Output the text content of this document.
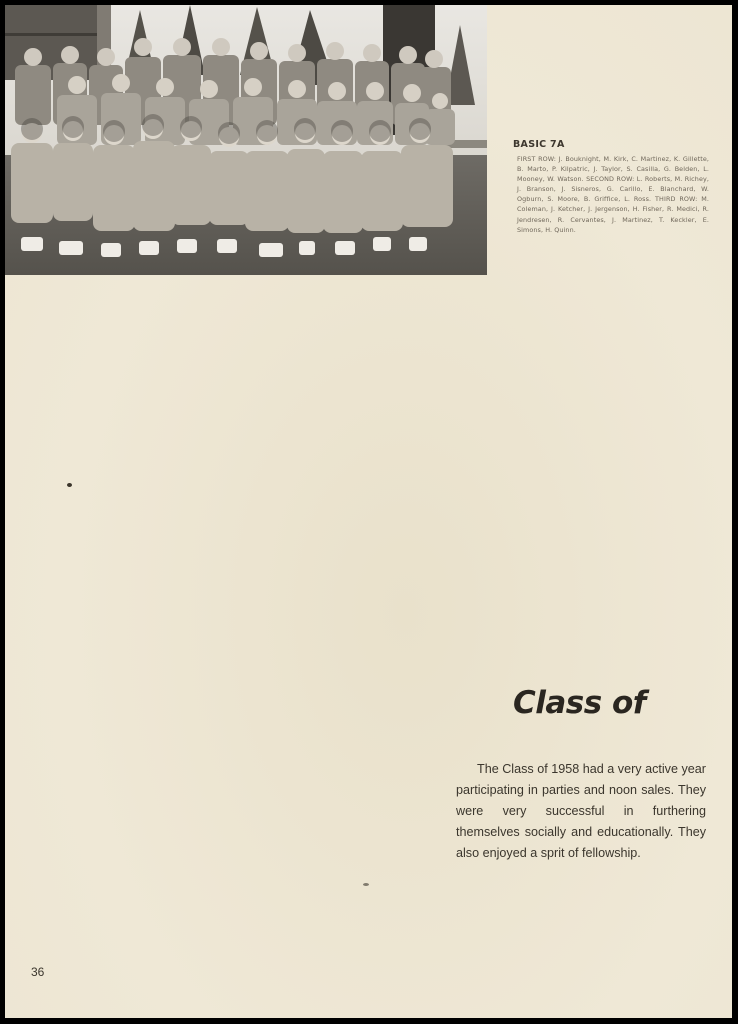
BASIC 7A
FIRST ROW: J. Bouknight, M. Kirk, C. Martinez, K. Gillette, B. Marto, P. Kilpatric, J. Taylor, S. Casilla, G. Belden, L. Mooney, W. Watson. SECOND ROW: L. Roberts, M. Richey, J. Branson, J. Sisneros, G. Carillo, E. Blanchard, W. Ogburn, S. Moore, B. Griffice, L. Ross. THIRD ROW: M. Coleman, J. Ketcher, J. Jergenson, H. Fisher, R. Medici, R. Jendresen, R. Cervantes, J. Martinez, T. Keckler, E. Simons, H. Quinn.
Class of
The Class of 1958 had a very active year participating in parties and noon sales. They were very successful in furthering themselves socially and educationally. They also enjoyed a sprit of fellowship.
36
